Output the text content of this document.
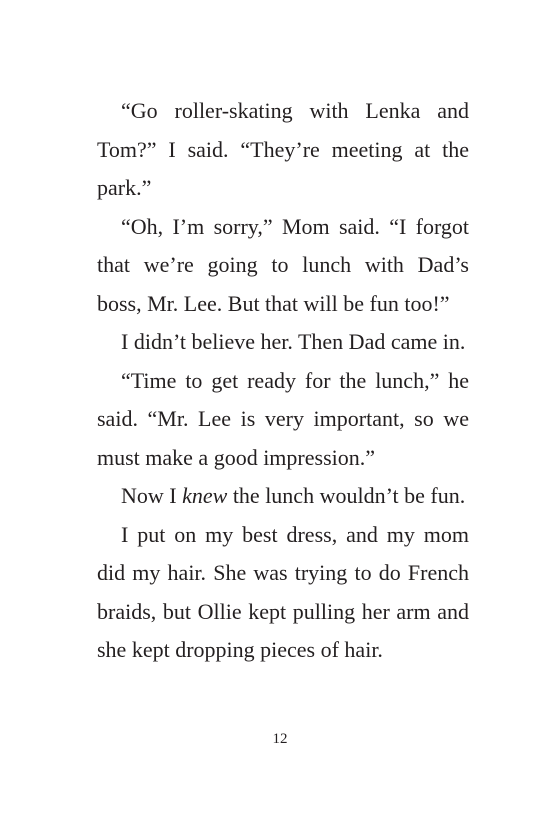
“Go roller-skating with Lenka and Tom?” I said. “They’re meeting at the park.”

“Oh, I’m sorry,” Mom said. “I forgot that we’re going to lunch with Dad’s boss, Mr. Lee. But that will be fun too!”

I didn’t believe her. Then Dad came in.

“Time to get ready for the lunch,” he said. “Mr. Lee is very important, so we must make a good impression.”

Now I knew the lunch wouldn’t be fun.

I put on my best dress, and my mom did my hair. She was trying to do French braids, but Ollie kept pulling her arm and she kept dropping pieces of hair.

12
